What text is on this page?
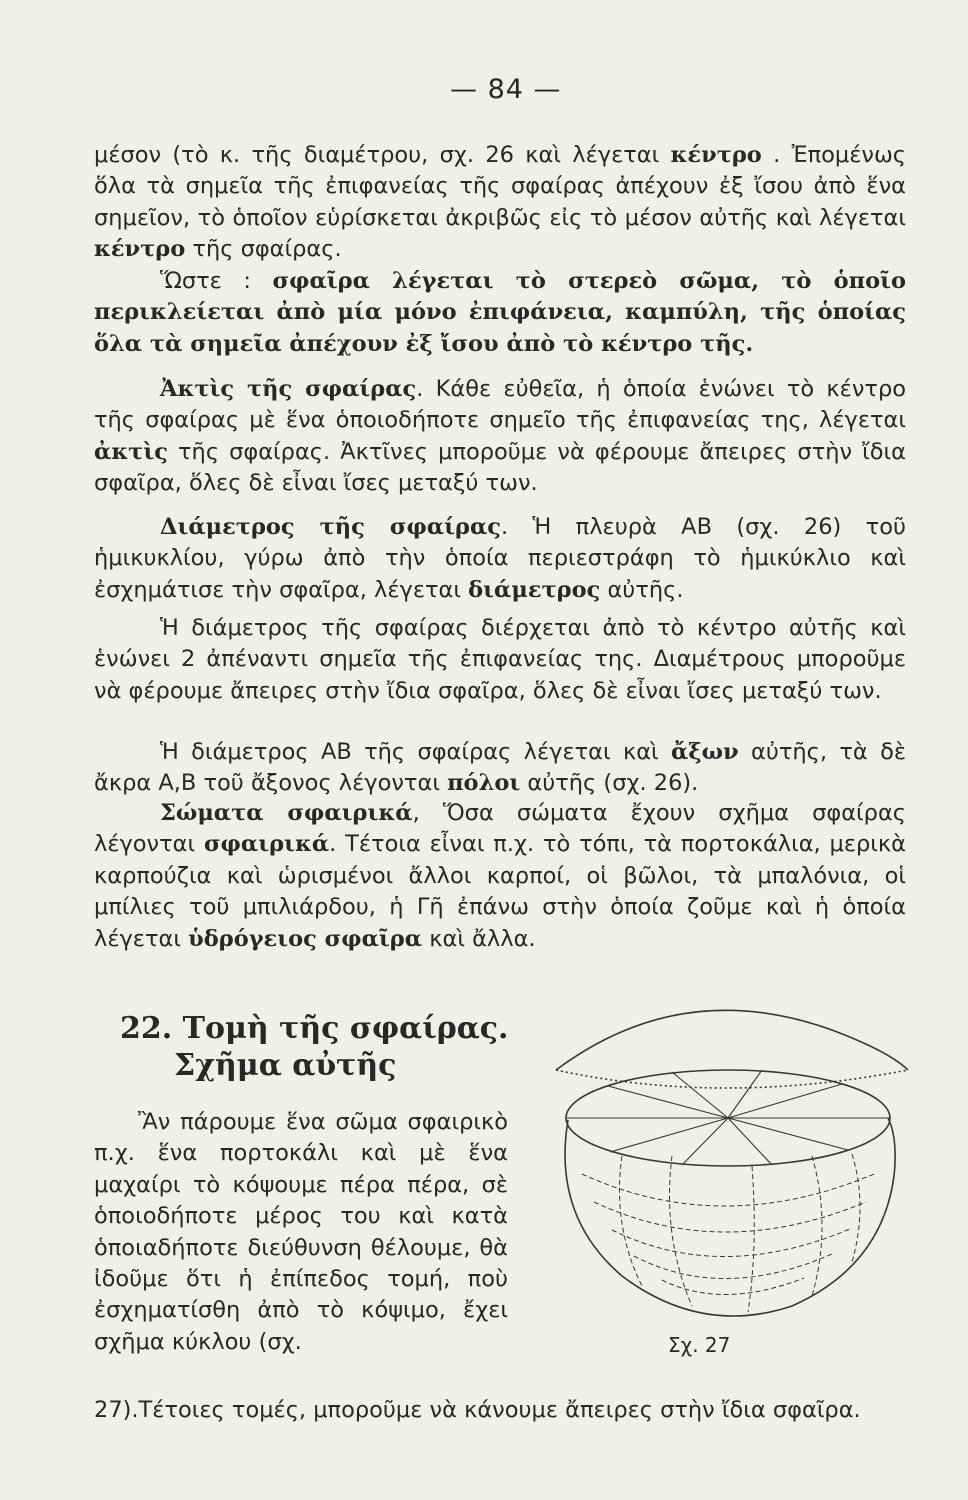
— 84 —

μέσον (τὸ κ. τῆς διαμέτρου, σχ. 26 καὶ λέγεται κέντρο . Ἐπομένως ὅλα τὰ σημεῖα τῆς ἐπιφανείας τῆς σφαίρας ἀπέχουν ἐξ ἴσου ἀπὸ ἕνα σημεῖον, τὸ ὁποῖον εὑρίσκεται ἀκριβῶς εἰς τὸ μέσον αὐτῆς καὶ λέγεται κέντρο τῆς σφαίρας.

Ὥστε : σφαῖρα λέγεται τὸ στερεὸ σῶμα, τὸ ὁποῖο περικλείεται ἀπὸ μία μόνο ἐπιφάνεια, καμπύλη, τῆς ὁποίας ὅλα τὰ σημεῖα ἀπέχουν ἐξ ἴσου ἀπὸ τὸ κέντρο τῆς.

Ἀκτὶς τῆς σφαίρας. Κάθε εὐθεῖα, ἡ ὁποία ἑνώνει τὸ κέντρο τῆς σφαίρας μὲ ἕνα ὁποιοδήποτε σημεῖο τῆς ἐπιφανείας της, λέγεται ἀκτὶς τῆς σφαίρας. Ἀκτῖνες μποροῦμε νὰ φέρουμε ἄπειρες στὴν ἴδια σφαῖρα, ὅλες δὲ εἶναι ἴσες μεταξύ των.

Διάμετρος τῆς σφαίρας. Ἡ πλευρὰ ΑΒ (σχ. 26) τοῦ ἡμικυκλίου, γύρω ἀπὸ τὴν ὁποία περιεστράφη τὸ ἡμικύκλιο καὶ ἐσχημάτισε τὴν σφαῖρα, λέγεται διάμετρος αὐτῆς.

Ἡ διάμετρος τῆς σφαίρας διέρχεται ἀπὸ τὸ κέντρο αὐτῆς καὶ ἑνώνει 2 ἀπέναντι σημεῖα τῆς ἐπιφανείας της. Διαμέτρους μποροῦμε νὰ φέρουμε ἄπειρες στὴν ἴδια σφαῖρα, ὅλες δὲ εἶναι ἴσες μεταξύ των.

Ἡ διάμετρος ΑΒ τῆς σφαίρας λέγεται καὶ ἄξων αὐτῆς, τὰ δὲ ἄκρα Α,Β τοῦ ἄξονος λέγονται πόλοι αὐτῆς (σχ. 26).

Σώματα σφαιρικά, Ὅσα σώματα ἔχουν σχῆμα σφαίρας λέγονται σφαιρικά. Τέτοια εἶναι π.χ. τὸ τόπι, τὰ πορτοκάλια, μερικὰ καρπούζια καὶ ὡρισμένοι ἄλλοι καρποί, οἱ βῶλοι, τὰ μπαλόνια, οἱ μπίλιες τοῦ μπιλιάρδου, ἡ Γῆ ἐπάνω στὴν ὁποία ζοῦμε καὶ ἡ ὁποία λέγεται ὑδρόγειος σφαῖρα καὶ ἄλλα.

22. Τομὴ τῆς σφαίρας.
Σχῆμα αὐτῆς

Ἂν πάρουμε ἕνα σῶμα σφαιρικὸ π.χ. ἕνα πορτοκάλι καὶ μὲ ἕνα μαχαίρι τὸ κόψουμε πέρα πέρα, σὲ ὁποιοδήποτε μέρος του καὶ κατὰ ὁποιαδήποτε διεύθυνση θέλουμε, θὰ ἰδοῦμε ὅτι ἡ ἐπίπεδος τομή, ποὺ ἐσχηματίσθη ἀπὸ τὸ κόψιμο, ἔχει σχῆμα κύκλου (σχ.

27).Τέτοιες τομές, μποροῦμε νὰ κάνουμε ἄπειρες στὴν ἴδια σφαῖρα.
Σχ. 27
